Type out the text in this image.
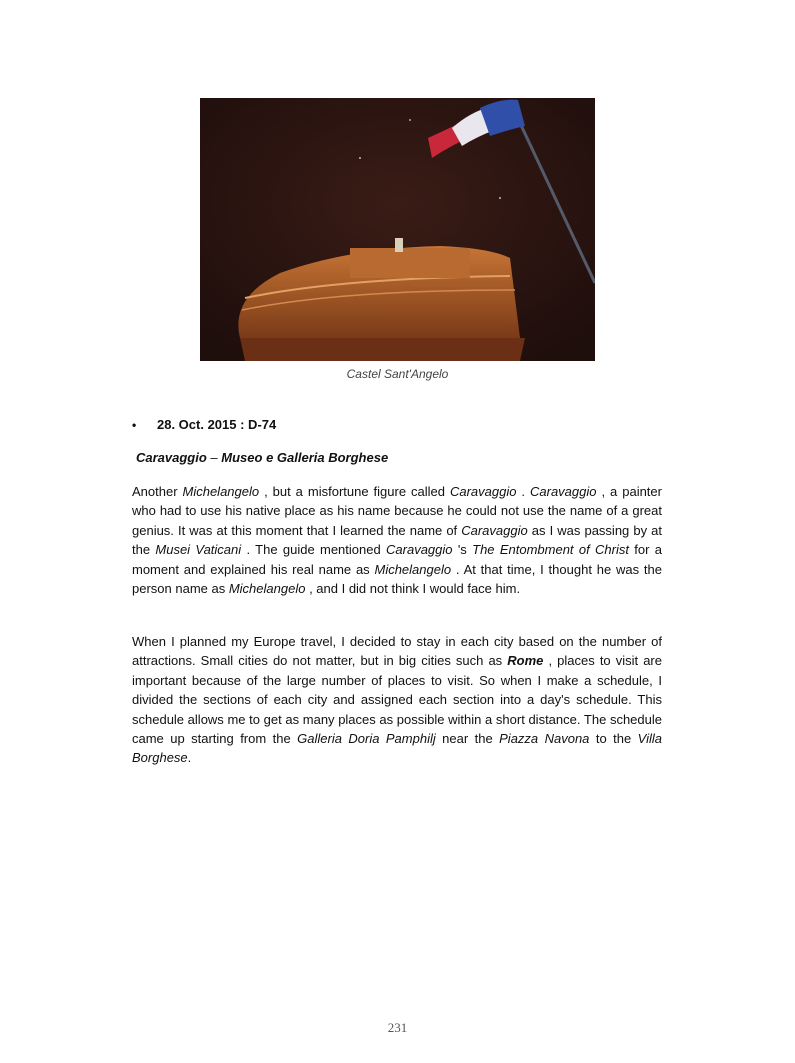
Castel Sant'Angelo
•	28. Oct. 2015 : D-74
Caravaggio – Museo e Galleria Borghese

Another Michelangelo , but a misfortune figure called Caravaggio . Caravaggio , a painter who had to use his native place as his name because he could not use the name of a great genius. It was at this moment that I learned the name of Caravaggio as I was passing by at the Musei Vaticani . The guide mentioned Caravaggio 's The Entombment of Christ for a moment and explained his real name as Michelangelo . At that time, I thought he was the person name as Michelangelo , and I did not think I would face him.

When I planned my Europe travel, I decided to stay in each city based on the number of attractions. Small cities do not matter, but in big cities such as Rome , places to visit are important because of the large number of places to visit. So when I make a schedule, I divided the sections of each city and assigned each section into a day's schedule. This schedule allows me to get as many places as possible within a short distance. The schedule came up starting from the Galleria Doria Pamphilj near the Piazza Navona to the Villa Borghese.

231
